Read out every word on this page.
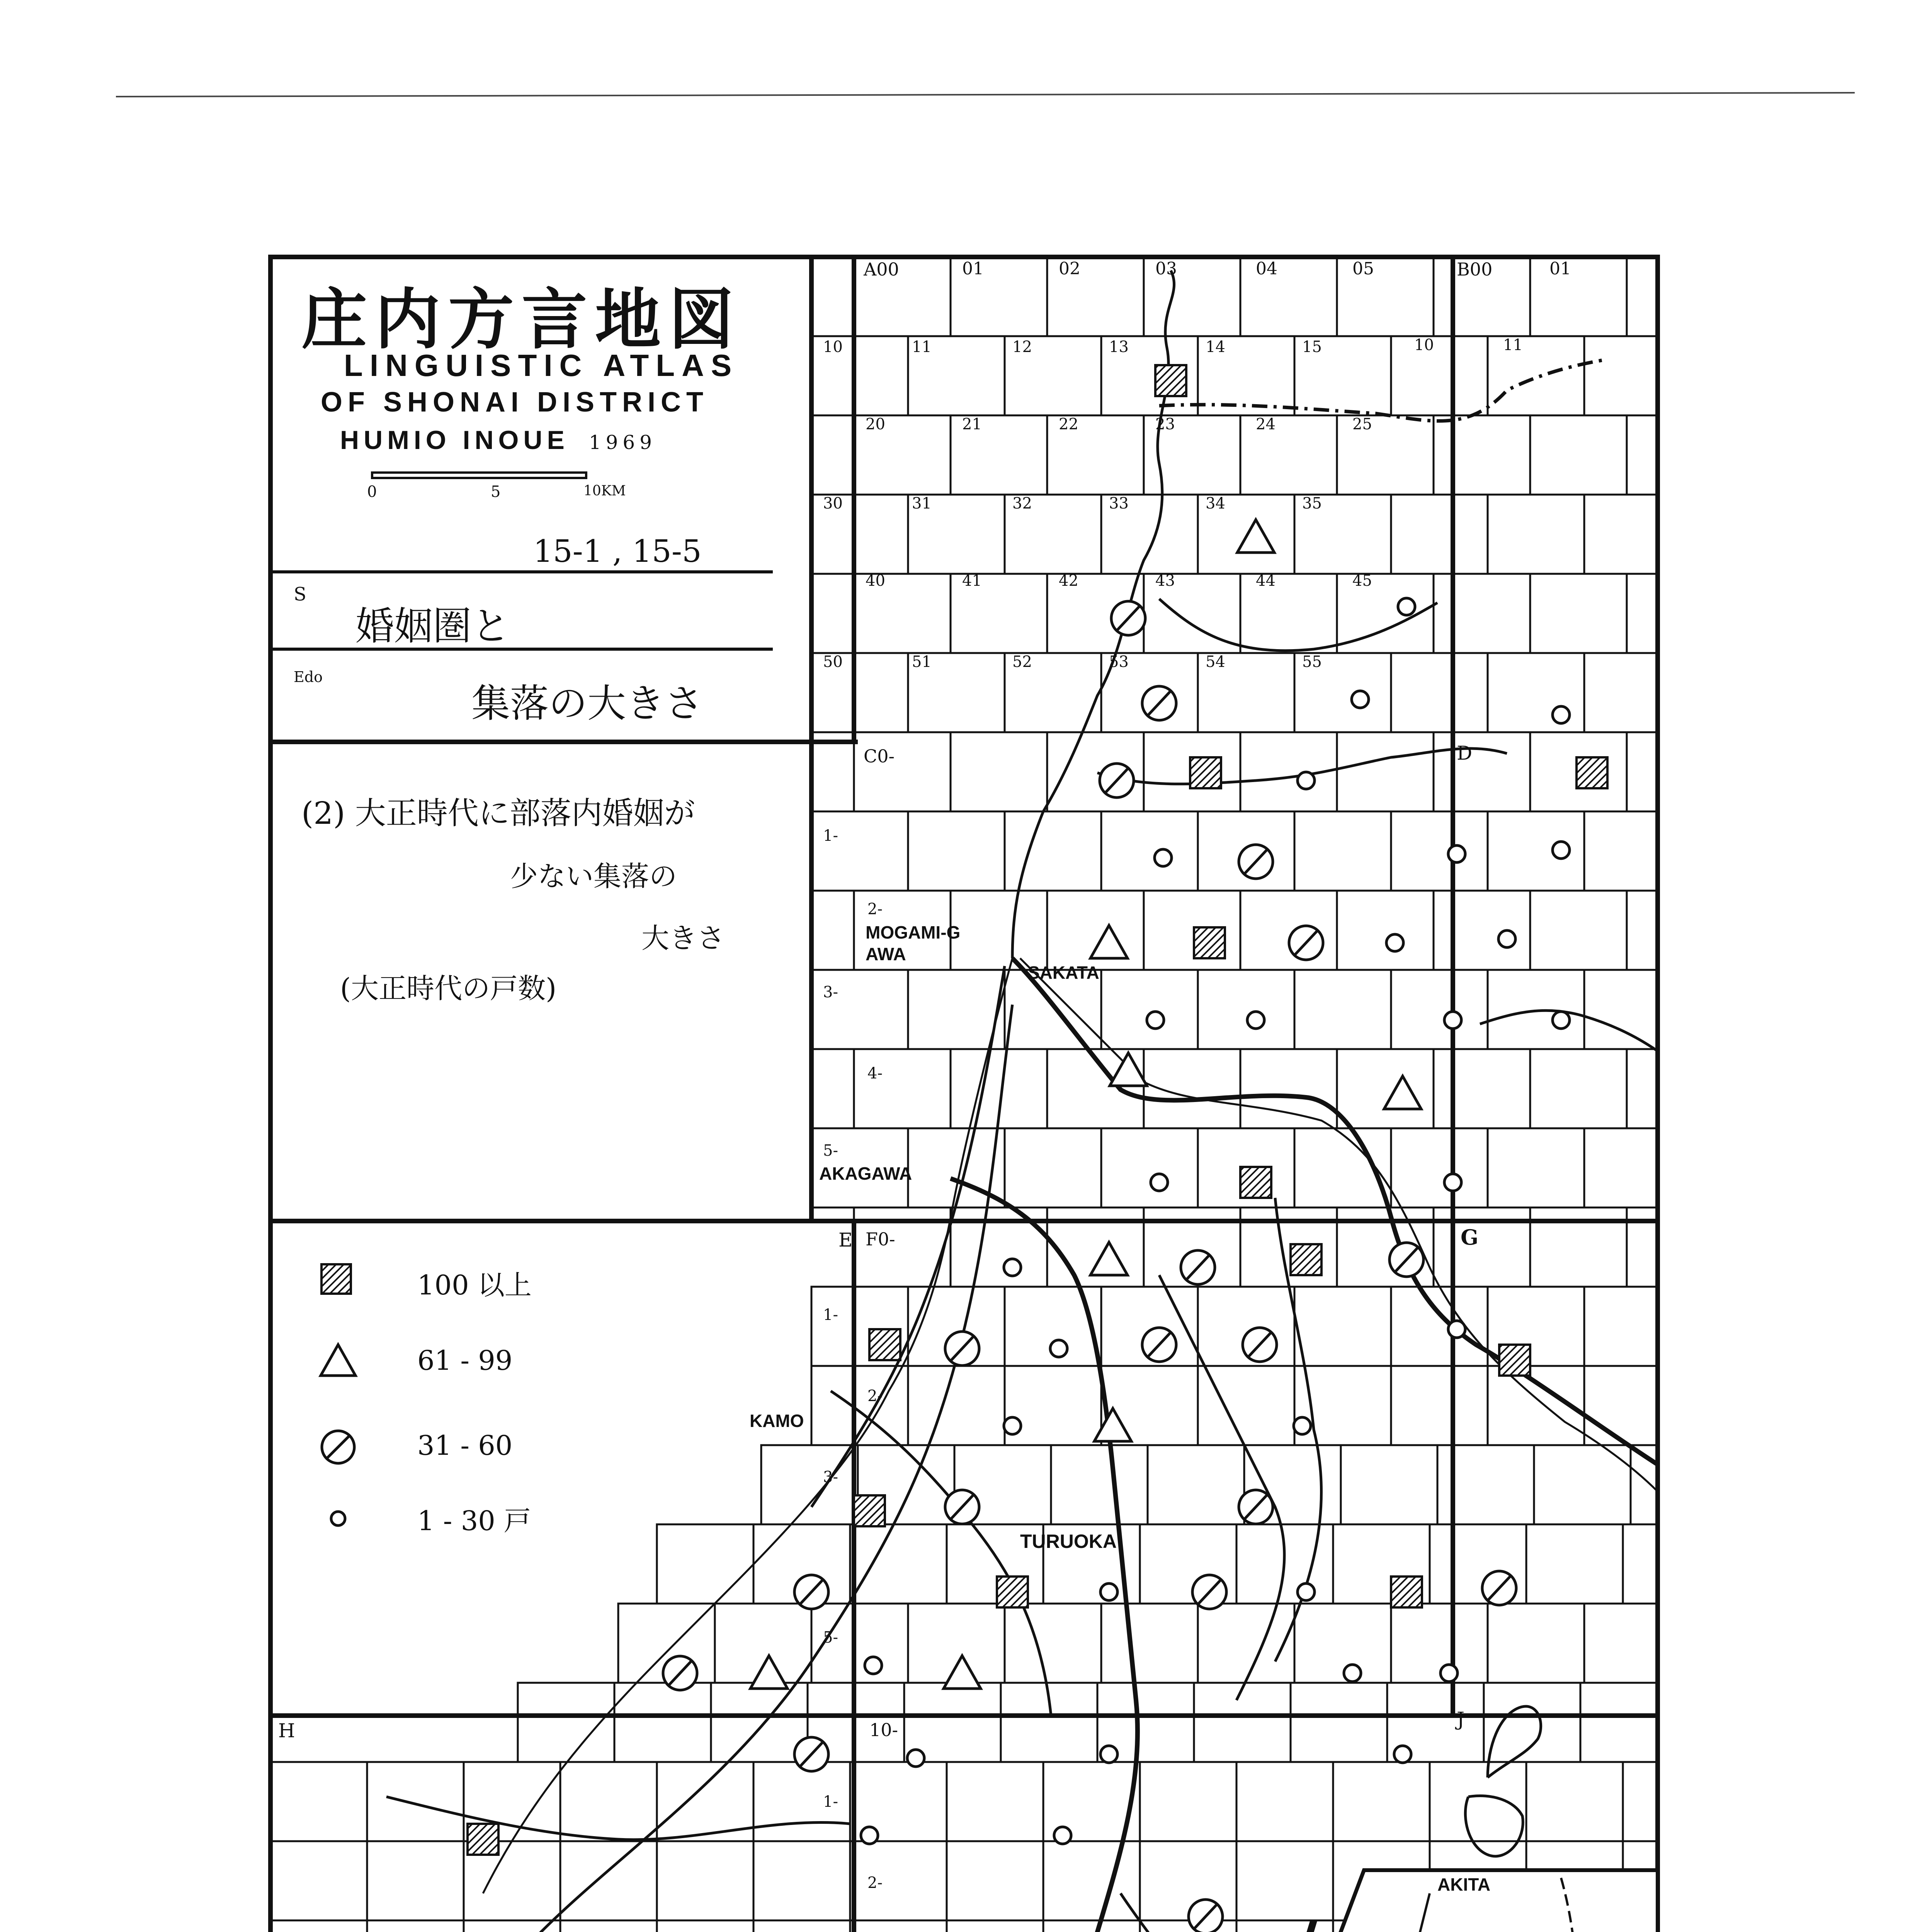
庄内方言地図
LINGUISTIC ATLAS
OF SHONAI DISTRICT
HUMIO INOUE 1969
0	5	10KM
15-1 , 15-5
S
婚姻圏と
Edo
集落の大きさ
(2) 大正時代に部落内婚姻が
少ない集落の
大きさ
(大正時代の戸数)
100 以上
61 - 99
31 - 60
1 - 30 戸
A00	B00
C0-	D
E F0-	G
H
J
10-
01	02	03	04	05	01
10	11	12	13	14	15
20	21	22	23	24	25
30	31	32	33	34	35
40	41	42	43	44	45
50	51	52	53	54	55
10	11
1-
2-
3-
4-
5-
1-
2-
3-
5-
1-
2-
MOGAMI-GAWA
SAKATA
AKAGAWA
KAMO
TURUOKA
AKITA
